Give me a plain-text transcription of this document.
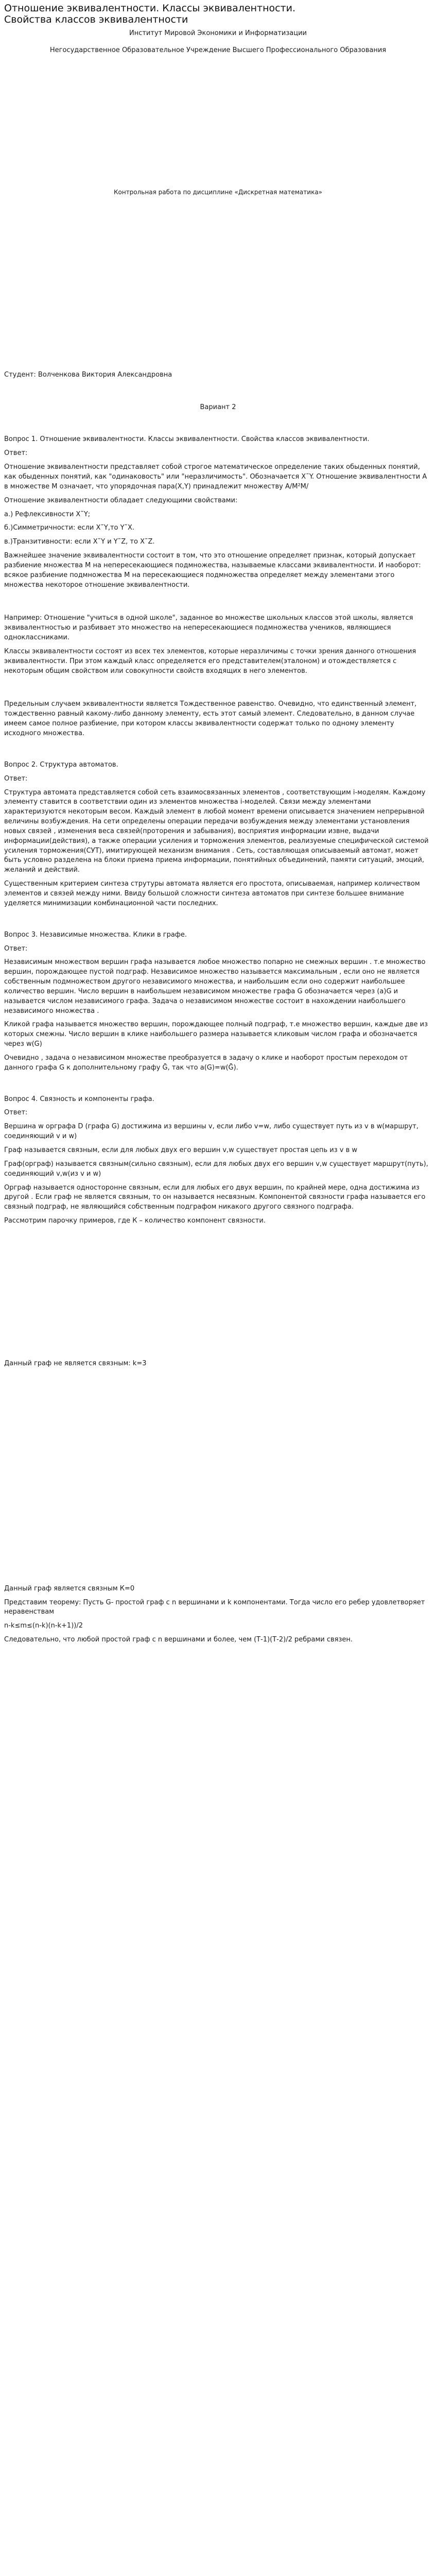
Отношение эквивалентности. Классы эквивалентности.
Свойства классов эквивалентности
Институт Мировой Экономики и Информатизации
Негосударственное Образовательное Учреждение Высшего Профессионального Образования
Контрольная работа по дисциплине «Дискретная математика»
Студент: Волченкова Виктория Александровна
Вариант 2

Вопрос 1. Отношение эквивалентности. Классы эквивалентности. Свойства классов эквивалентности.

Ответ:

Отношение эквивалентности представляет собой строгое математическое определение таких обыденных понятий, как обыденных понятий, как "одинаковость" или "неразличимость". Обозначается X˜Y. Отношение эквивалентности А в множестве М означает, что упорядочная пара(X,Y) принадлежит множеству А/M²М/

Отношение эквивалентности обладает следующими свойствами:

а.) Рефлексивности X˜Y;

б.)Симметричности: если X˜Y,то Y˜X.

в.)Транзитивности: если X˜Y и Y˜Z, то X˜Z.

Важнейшее значение эквивалентности состоит в том, что это отношение определяет признак, который допускает разбиение множества М на непересекающиеся подмножества, называемые классами эквивалентности. И наоборот: всякое разбиение подмножества М на пересекающиеся подмножества определяет между элементами этого множества некоторое отношение эквивалентности.

Например: Отношение "учиться в одной школе", заданное во множестве школьных классов этой школы, является эквивалентностью и разбивает это множество на непересекающиеся подмножества учеников, являющиеся одноклассниками.

Классы эквивалентности состоят из всех тех элементов, которые неразличимы с точки зрения данного отношения эквивалентности. При этом каждый класс определяется его представителем(эталоном) и отождествляется с некоторым общим свойством или совокупности свойств входящих в него элементов.

Предельным случаем эквивалентности является Тождественное равенство. Очевидно, что единственный элемент, тождественно равный какому-либо данному элементу, есть этот самый элемент. Следовательно, в данном случае имеем самое полное разбиение, при котором классы эквивалентности содержат только по одному элементу исходного множества.

Вопрос 2. Структура автоматов.

Ответ:

Структура автомата представляется собой сеть взаимосвязанных элементов , соответствующим i-моделям. Каждому элементу ставится в соответствии один из элементов множества i-моделей. Связи между элементами характеризуются некоторым весом. Каждый элемент в любой момент времени описывается значением непрерывной величины возбуждения. На сети определены операции передачи возбуждения между элементами установления новых связей , изменения веса связей(проторения и забывания), восприятия информации извне, выдачи информации(действия), а также операции усиления и торможения элементов, реализуемые специфической системой усиления торможения(СУТ), имитирующей механизм внимания . Сеть, составляющая описываемый автомат, может быть условно разделена на блоки приема приема информации, понятийных объединений, памяти ситуаций, эмоций, желаний и действий.

Существенным критерием синтеза струтуры автомата является его простота, описываемая, например количеством элементов и связей между ними. Ввиду большой сложности синтеза автоматов при синтезе большее внимание уделяется минимизации комбинационной части последних.

Вопрос 3. Независимые множества. Клики в графе.

Ответ:

Независимым множеством вершин графа называется любое множество попарно не смежных вершин . т.е множество вершин, порождающее пустой подграф. Независимое множество называется максимальным , если оно не является собственным подмножеством другого независимого множества, и наибольшим если оно содержит наибольшее количество вершин. Число вершин в наибольшем независимом множестве графа G обозначается через (a)G и называется числом независимого графа. Задача о независимом множестве состоит в нахождении наибольшего независимого множества .

Кликой графа называется множество вершин, порождающее полный подграф, т.е множество вершин, каждые две из которых смежны. Число вершин в клике наибольшего размера называется кликовым числом графа и обозначается через w(G)

Очевидно , задача о независимом множестве преобразуется в задачу о клике и наоборот простым переходом от данного графа G к дополнительному графу Ḡ, так что a(G)=w(Ḡ).

Вопрос 4. Связность и компоненты графа.

Ответ:

Вершина w орграфа D (графа G) достижима из вершины v, если либо v=w, либо существует путь из v в w(маршрут, соединяющий v и w)

Граф называется связным, если для любых двух его вершин v,w существует простая цепь из v в w

Граф(орграф) называется связным(сильно связным), если для любых двух его вершин v,w существует маршрут(путь), соединяющий v,w(из v и w)

Орграф называется односторонне связным, если для любых его двух вершин, по крайней мере, одна достижима из другой . Если граф не является связным, то он называется несвязным. Компонентой связности графа называется его связный подграф, не являющийся собственным подграфом никакого другого связного подграфа.

Рассмотрим парочку примеров, где К – количество компонент связности.

Данный граф не является связным: k=3

Данный граф является связным К=0

Представим теорему: Пусть G- простой граф с n вершинами и k компонентами. Тогда число его ребер удовлетворяет неравенствам

n-k≤m≤(n-k)(n-k+1))/2

Следовательно, что любой простой граф с n вершинами и более, чем (Т-1)(Т-2)/2 ребрами связен.
